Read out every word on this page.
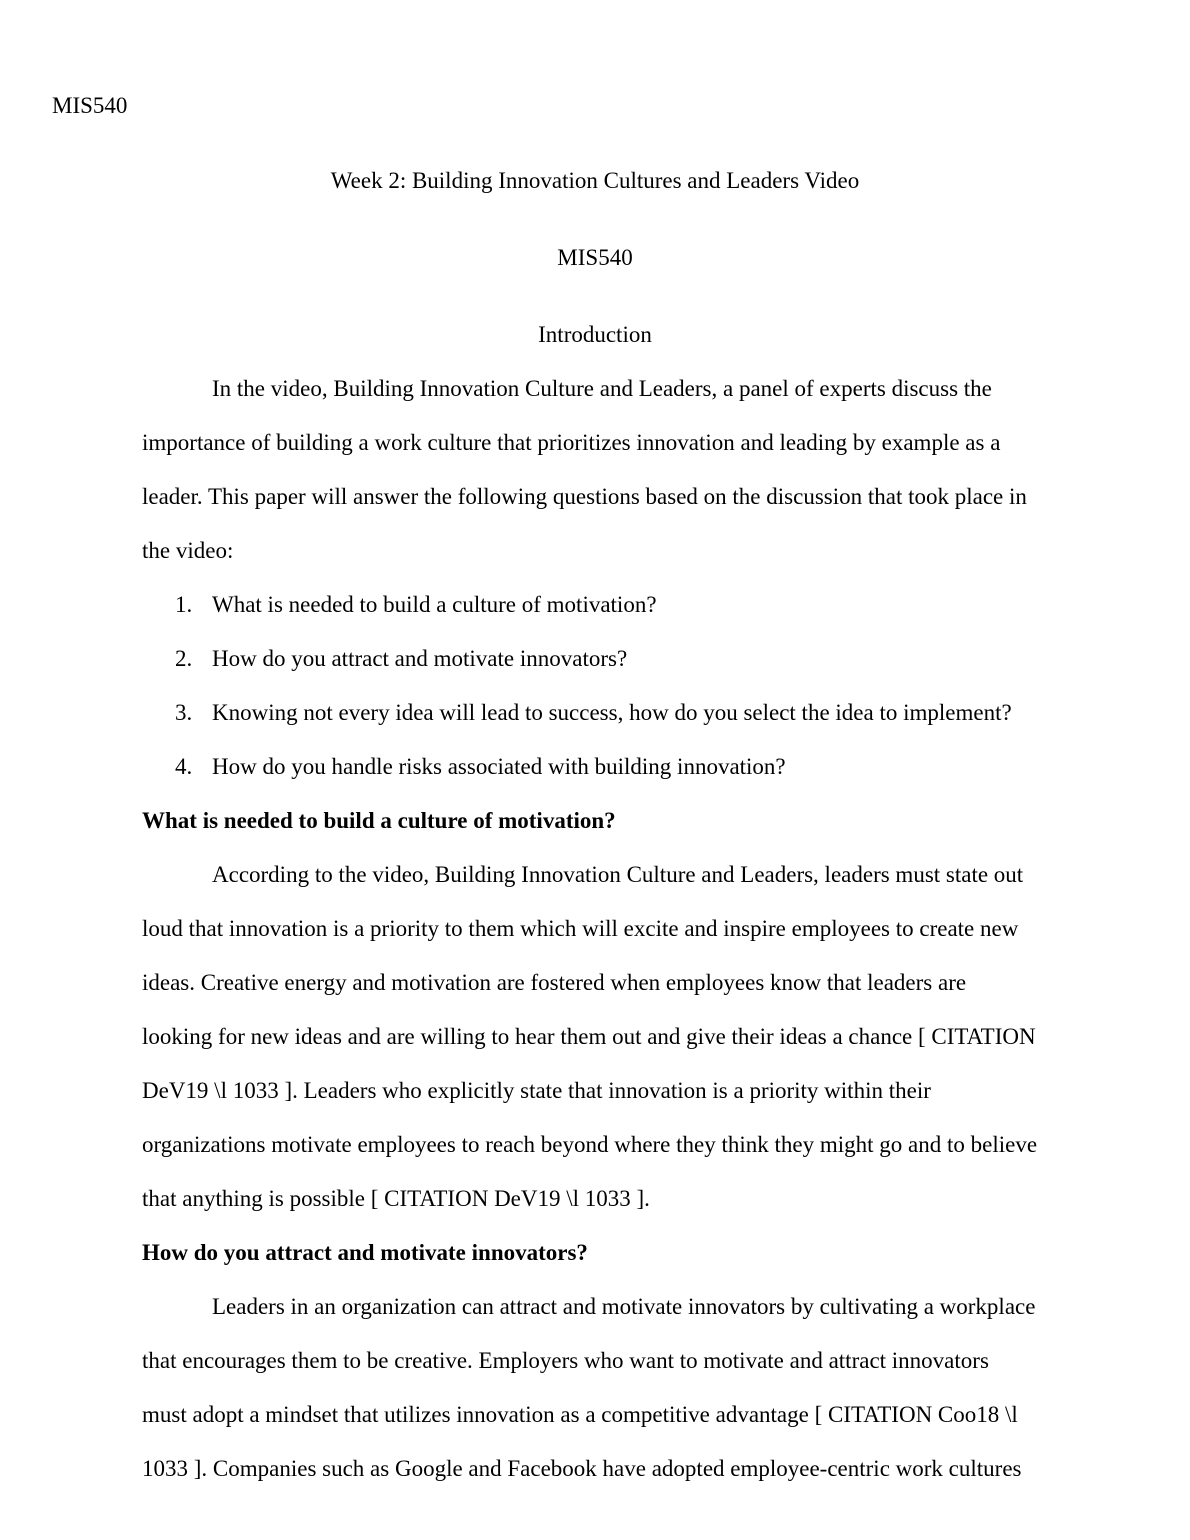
MIS540
Week 2: Building Innovation Cultures and Leaders Video
MIS540
Introduction
In the video, Building Innovation Culture and Leaders, a panel of experts discuss the
importance of building a work culture that prioritizes innovation and leading by example as a
leader. This paper will answer the following questions based on the discussion that took place in
the video:
1. What is needed to build a culture of motivation?
2. How do you attract and motivate innovators?
3. Knowing not every idea will lead to success, how do you select the idea to implement?
4. How do you handle risks associated with building innovation?
What is needed to build a culture of motivation?
According to the video, Building Innovation Culture and Leaders, leaders must state out
loud that innovation is a priority to them which will excite and inspire employees to create new
ideas. Creative energy and motivation are fostered when employees know that leaders are
looking for new ideas and are willing to hear them out and give their ideas a chance [ CITATION
DeV19 \l 1033 ]. Leaders who explicitly state that innovation is a priority within their
organizations motivate employees to reach beyond where they think they might go and to believe
that anything is possible [ CITATION DeV19 \l 1033 ].
How do you attract and motivate innovators?
Leaders in an organization can attract and motivate innovators by cultivating a workplace
that encourages them to be creative. Employers who want to motivate and attract innovators
must adopt a mindset that utilizes innovation as a competitive advantage [ CITATION Coo18 \l
1033 ]. Companies such as Google and Facebook have adopted employee-centric work cultures
